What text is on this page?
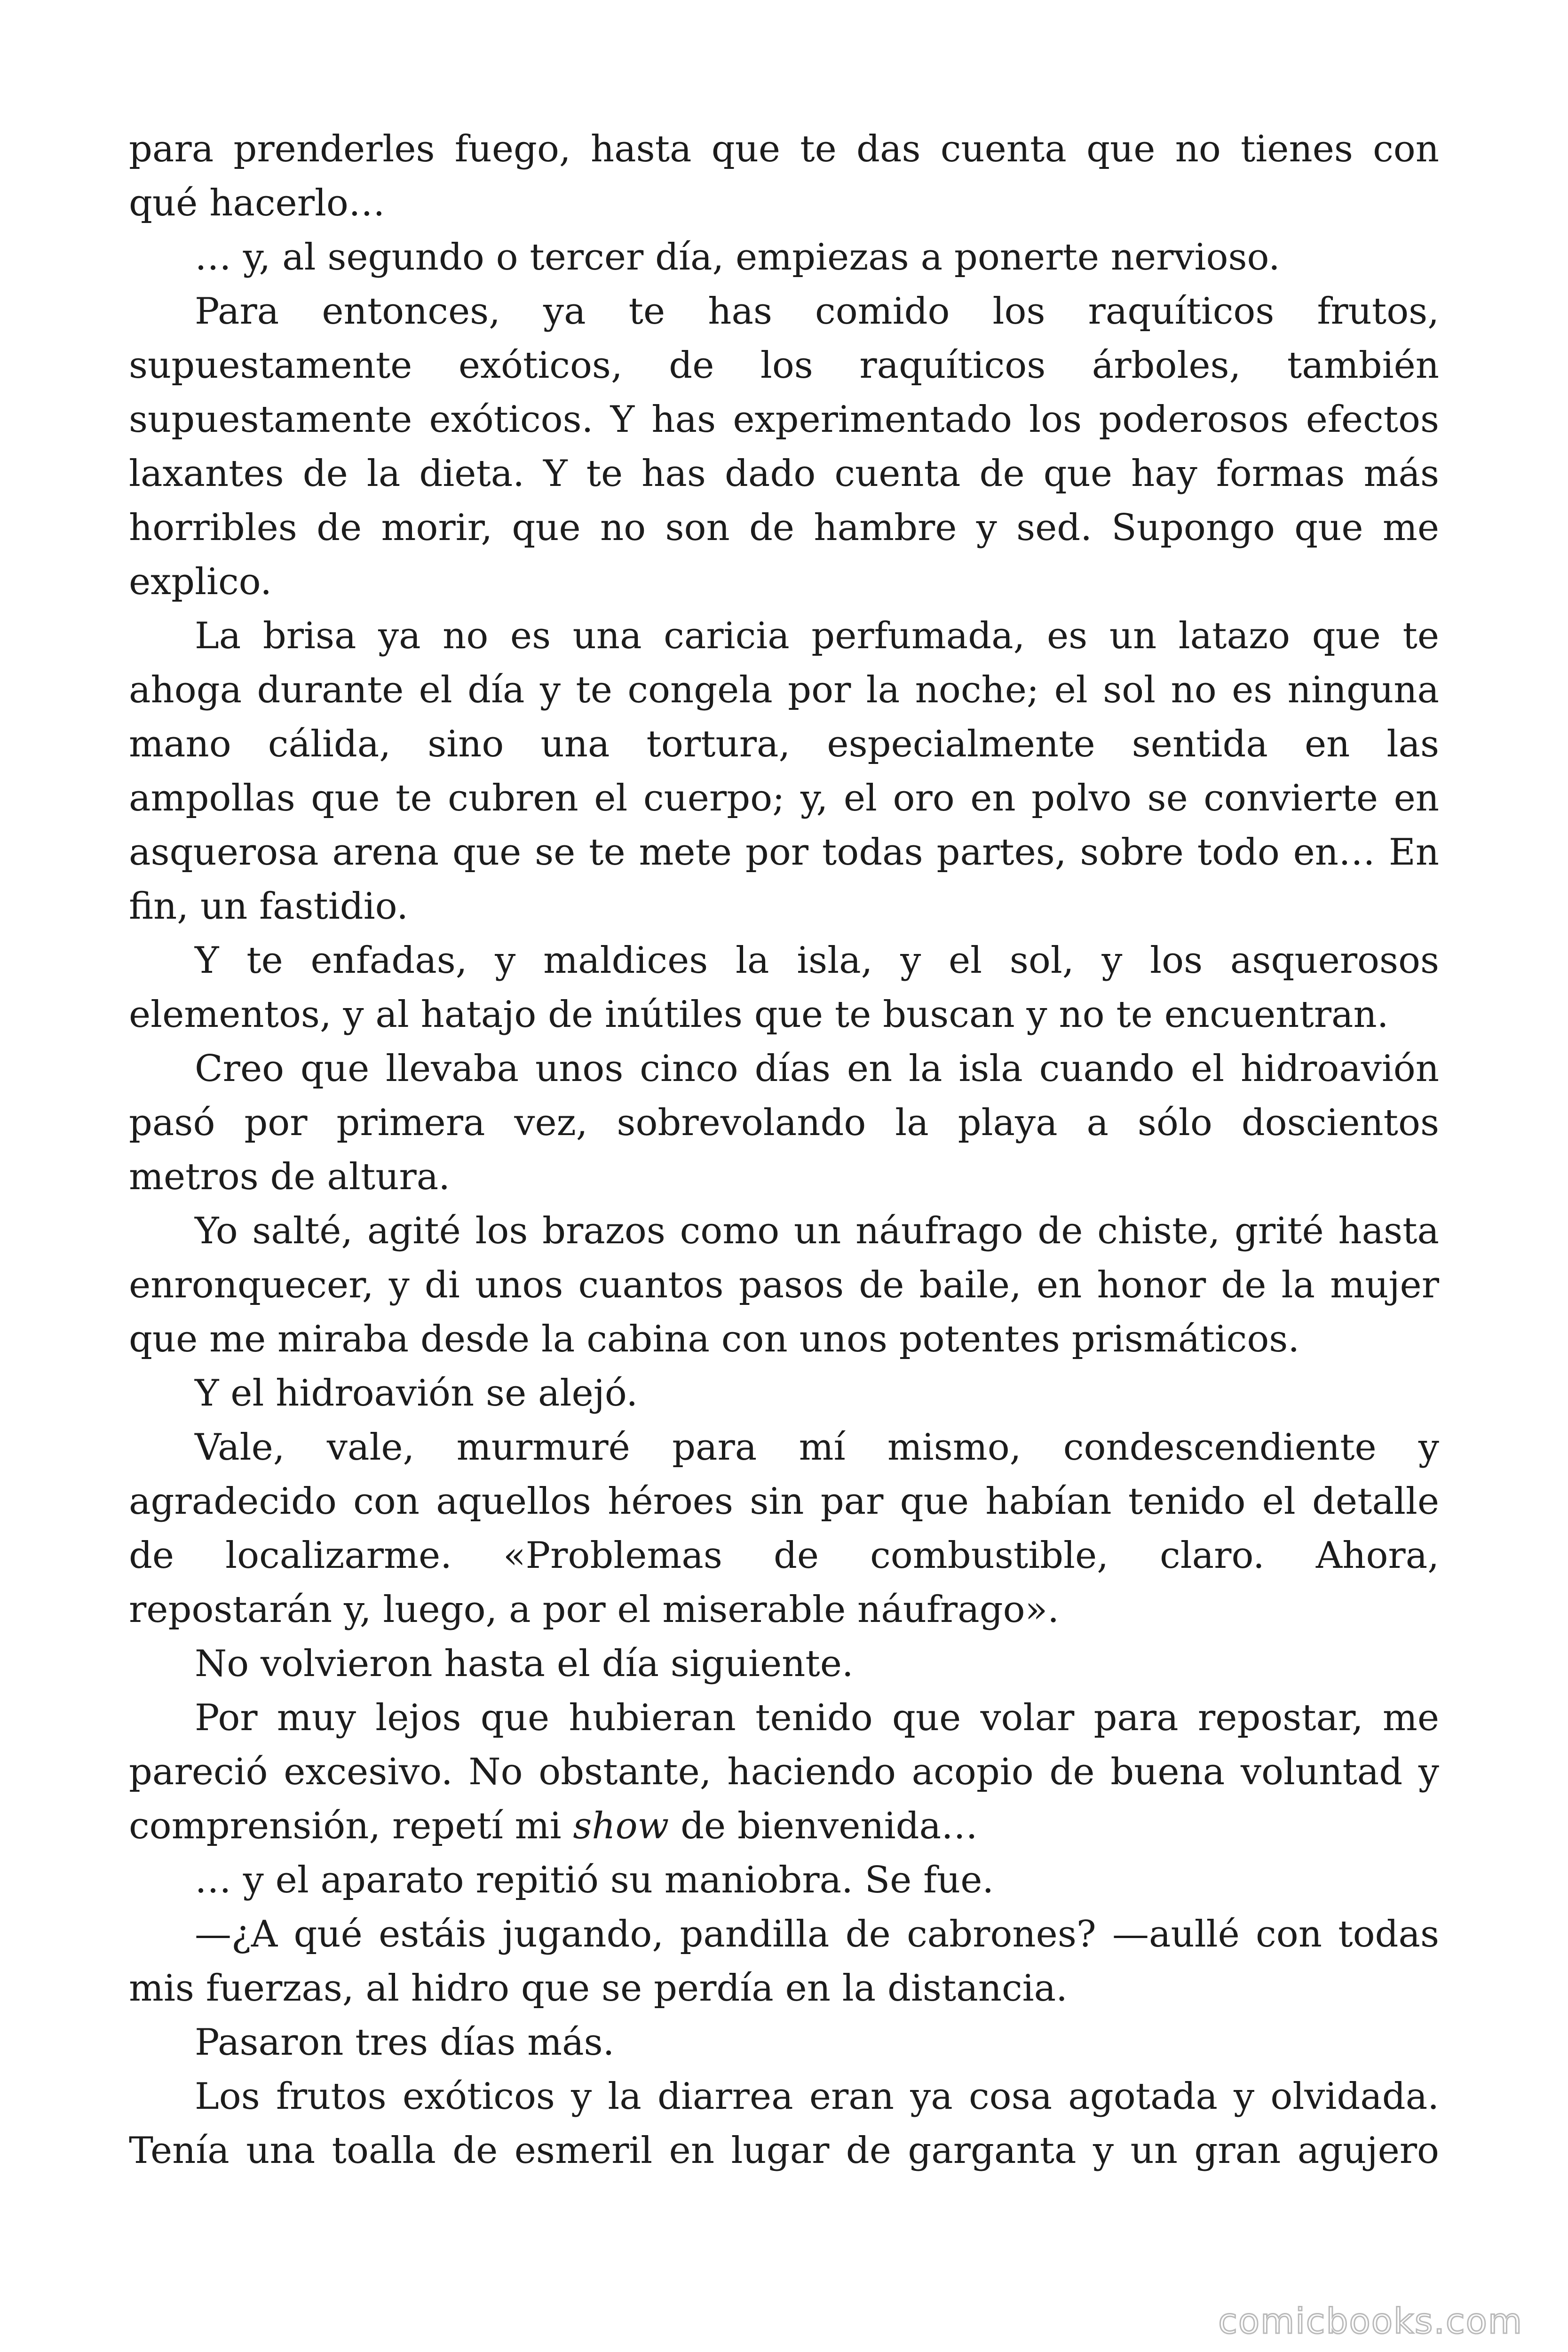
para prenderles fuego, hasta que te das cuenta que no tienes con
qué hacerlo…
… y, al segundo o tercer día, empiezas a ponerte nervioso.
Para entonces, ya te has comido los raquíticos frutos,
supuestamente exóticos, de los raquíticos árboles, también
supuestamente exóticos. Y has experimentado los poderosos efectos
laxantes de la dieta. Y te has dado cuenta de que hay formas más
horribles de morir, que no son de hambre y sed. Supongo que me
explico.
La brisa ya no es una caricia perfumada, es un latazo que te
ahoga durante el día y te congela por la noche; el sol no es ninguna
mano cálida, sino una tortura, especialmente sentida en las
ampollas que te cubren el cuerpo; y, el oro en polvo se convierte en
asquerosa arena que se te mete por todas partes, sobre todo en… En
fin, un fastidio.
Y te enfadas, y maldices la isla, y el sol, y los asquerosos
elementos, y al hatajo de inútiles que te buscan y no te encuentran.
Creo que llevaba unos cinco días en la isla cuando el hidroavión
pasó por primera vez, sobrevolando la playa a sólo doscientos
metros de altura.
Yo salté, agité los brazos como un náufrago de chiste, grité hasta
enronquecer, y di unos cuantos pasos de baile, en honor de la mujer
que me miraba desde la cabina con unos potentes prismáticos.
Y el hidroavión se alejó.
Vale, vale, murmuré para mí mismo, condescendiente y
agradecido con aquellos héroes sin par que habían tenido el detalle
de localizarme. «Problemas de combustible, claro. Ahora,
repostarán y, luego, a por el miserable náufrago».
No volvieron hasta el día siguiente.
Por muy lejos que hubieran tenido que volar para repostar, me
pareció excesivo. No obstante, haciendo acopio de buena voluntad y
comprensión, repetí mi show de bienvenida…
… y el aparato repitió su maniobra. Se fue.
—¿A qué estáis jugando, pandilla de cabrones? —aullé con todas
mis fuerzas, al hidro que se perdía en la distancia.
Pasaron tres días más.
Los frutos exóticos y la diarrea eran ya cosa agotada y olvidada.
Tenía una toalla de esmeril en lugar de garganta y un gran agujero
comicbooks.com
